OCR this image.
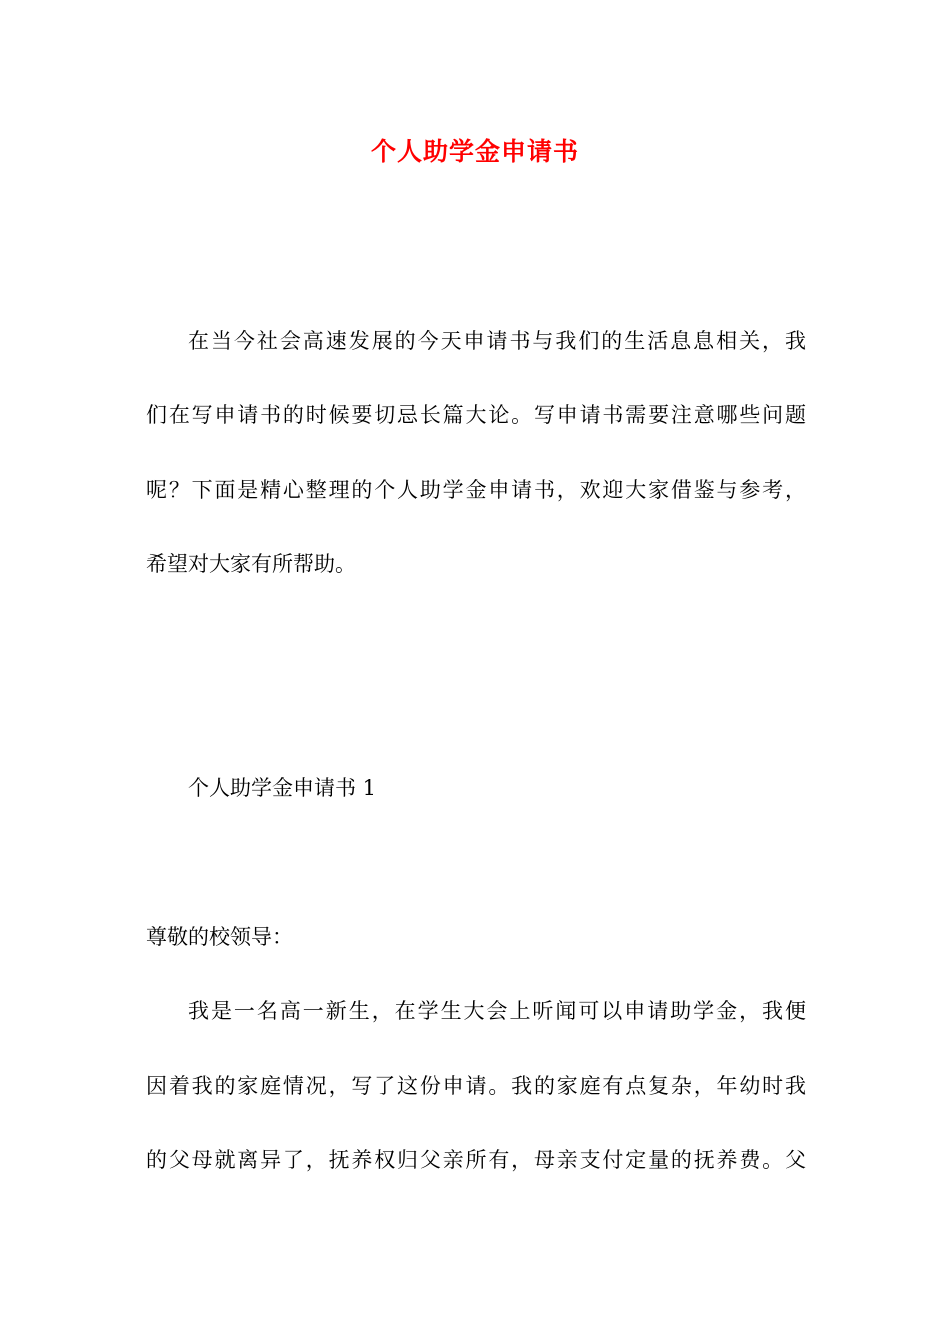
个人助学金申请书
在当今社会高速发展的今天申请书与我们的生活息息相关，我
们在写申请书的时候要切忌长篇大论。写申请书需要注意哪些问题
呢？下面是精心整理的个人助学金申请书，欢迎大家借鉴与参考，
希望对大家有所帮助。
个人助学金申请书 1
尊敬的校领导：
我是一名高一新生，在学生大会上听闻可以申请助学金，我便
因着我的家庭情况，写了这份申请。我的家庭有点复杂，年幼时我
的父母就离异了，抚养权归父亲所有，母亲支付定量的抚养费。父
